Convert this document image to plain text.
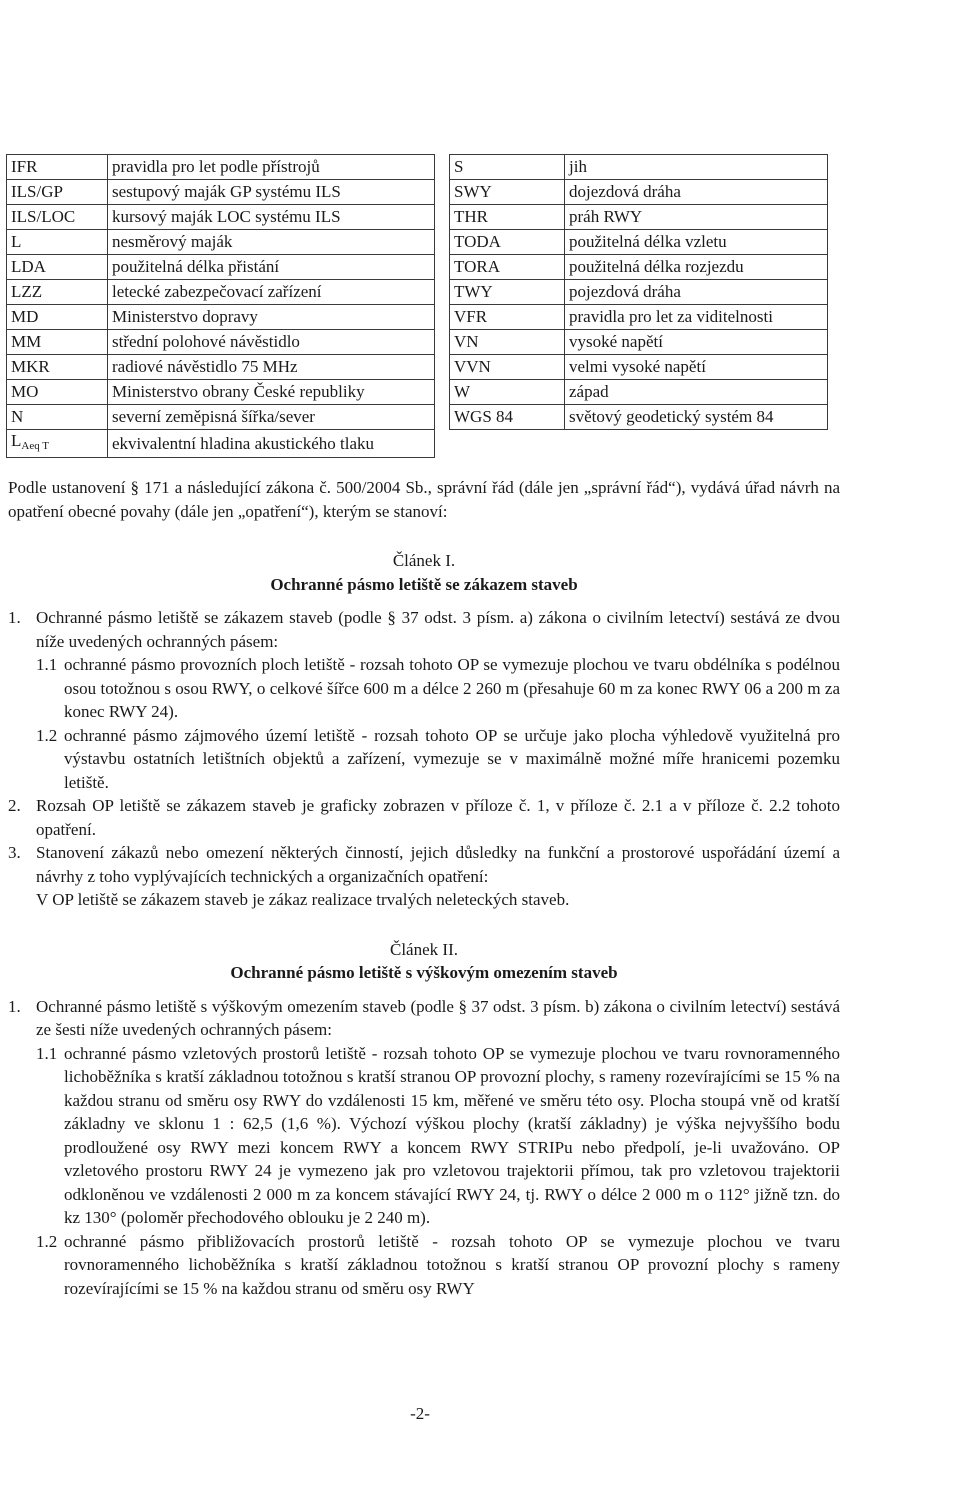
IFR	pravidla pro let podle přístrojů
ILS/GP	sestupový maják GP systému ILS
ILS/LOC	kursový maják LOC systému ILS
L	nesměrový maják
LDA	použitelná délka přistání
LZZ	letecké zabezpečovací zařízení
MD	Ministerstvo dopravy
MM	střední polohové návěstidlo
MKR	radiové návěstidlo 75 MHz
MO	Ministerstvo obrany České republiky
N	severní zeměpisná šířka/sever
$L_{Aeq T}$	ekvivalentní hladina akustického tlaku
S	jih
SWY	dojezdová dráha
THR	práh RWY
TODA	použitelná délka vzletu
TORA	použitelná délka rozjezdu
TWY	pojezdová dráha
VFR	pravidla pro let za viditelnosti
VN	vysoké napětí
VVN	velmi vysoké napětí
W	západ
WGS 84	světový geodetický systém 84

Podle ustanovení § 171 a následující zákona č. 500/2004 Sb., správní řád (dále jen „správní řád“), vydává úřad návrh na opatření obecné povahy (dále jen „opatření“), kterým se stanoví:

Článek I.

Ochranné pásmo letiště se zákazem staveb

1. Ochranné pásmo letiště se zákazem staveb (podle § 37 odst. 3 písm. a) zákona o civilním letectví) sestává ze dvou níže uvedených ochranných pásem:

1.1 ochranné pásmo provozních ploch letiště - rozsah tohoto OP se vymezuje plochou ve tvaru obdélníka s podélnou osou totožnou s osou RWY, o celkové šířce 600 m a délce 2 260 m (přesahuje 60 m za konec RWY 06 a 200 m za konec RWY 24).

1.2 ochranné pásmo zájmového území letiště - rozsah tohoto OP se určuje jako plocha výhledově využitelná pro výstavbu ostatních letištních objektů a zařízení, vymezuje se v maximálně možné míře hranicemi pozemku letiště.

2. Rozsah OP letiště se zákazem staveb je graficky zobrazen v příloze č. 1, v příloze č. 2.1 a v příloze č. 2.2 tohoto opatření.

3. Stanovení zákazů nebo omezení některých činností, jejich důsledky na funkční a prostorové uspořádání území a návrhy z toho vyplývajících technických a organizačních opatření:

V OP letiště se zákazem staveb je zákaz realizace trvalých neleteckých staveb.

Článek II.

Ochranné pásmo letiště s výškovým omezením staveb

1. Ochranné pásmo letiště s výškovým omezením staveb (podle § 37 odst. 3 písm. b) zákona o civilním letectví) sestává ze šesti níže uvedených ochranných pásem:

1.1 ochranné pásmo vzletových prostorů letiště - rozsah tohoto OP se vymezuje plochou ve tvaru rovnoramenného lichoběžníka s kratší základnou totožnou s kratší stranou OP provozní plochy, s rameny rozevírajícími se 15 % na každou stranu od směru osy RWY do vzdálenosti 15 km, měřené ve směru této osy. Plocha stoupá vně od kratší základny ve sklonu 1 : 62,5 (1,6 %). Výchozí výškou plochy (kratší základny) je výška nejvyššího bodu prodloužené osy RWY mezi koncem RWY a koncem RWY STRIPu nebo předpolí, je-li uvažováno. OP vzletového prostoru RWY 24 je vymezeno jak pro vzletovou trajektorii přímou, tak pro vzletovou trajektorii odkloněnou ve vzdálenosti 2 000 m za koncem stávající RWY 24, tj. RWY o délce 2 000 m o 112° jižně tzn. do kz 130° (poloměr přechodového oblouku je 2 240 m).

1.2 ochranné pásmo přibližovacích prostorů letiště - rozsah tohoto OP se vymezuje plochou ve tvaru rovnoramenného lichoběžníka s kratší základnou totožnou s kratší stranou OP provozní plochy s rameny rozevírajícími se 15 % na každou stranu od směru osy RWY

-2-
